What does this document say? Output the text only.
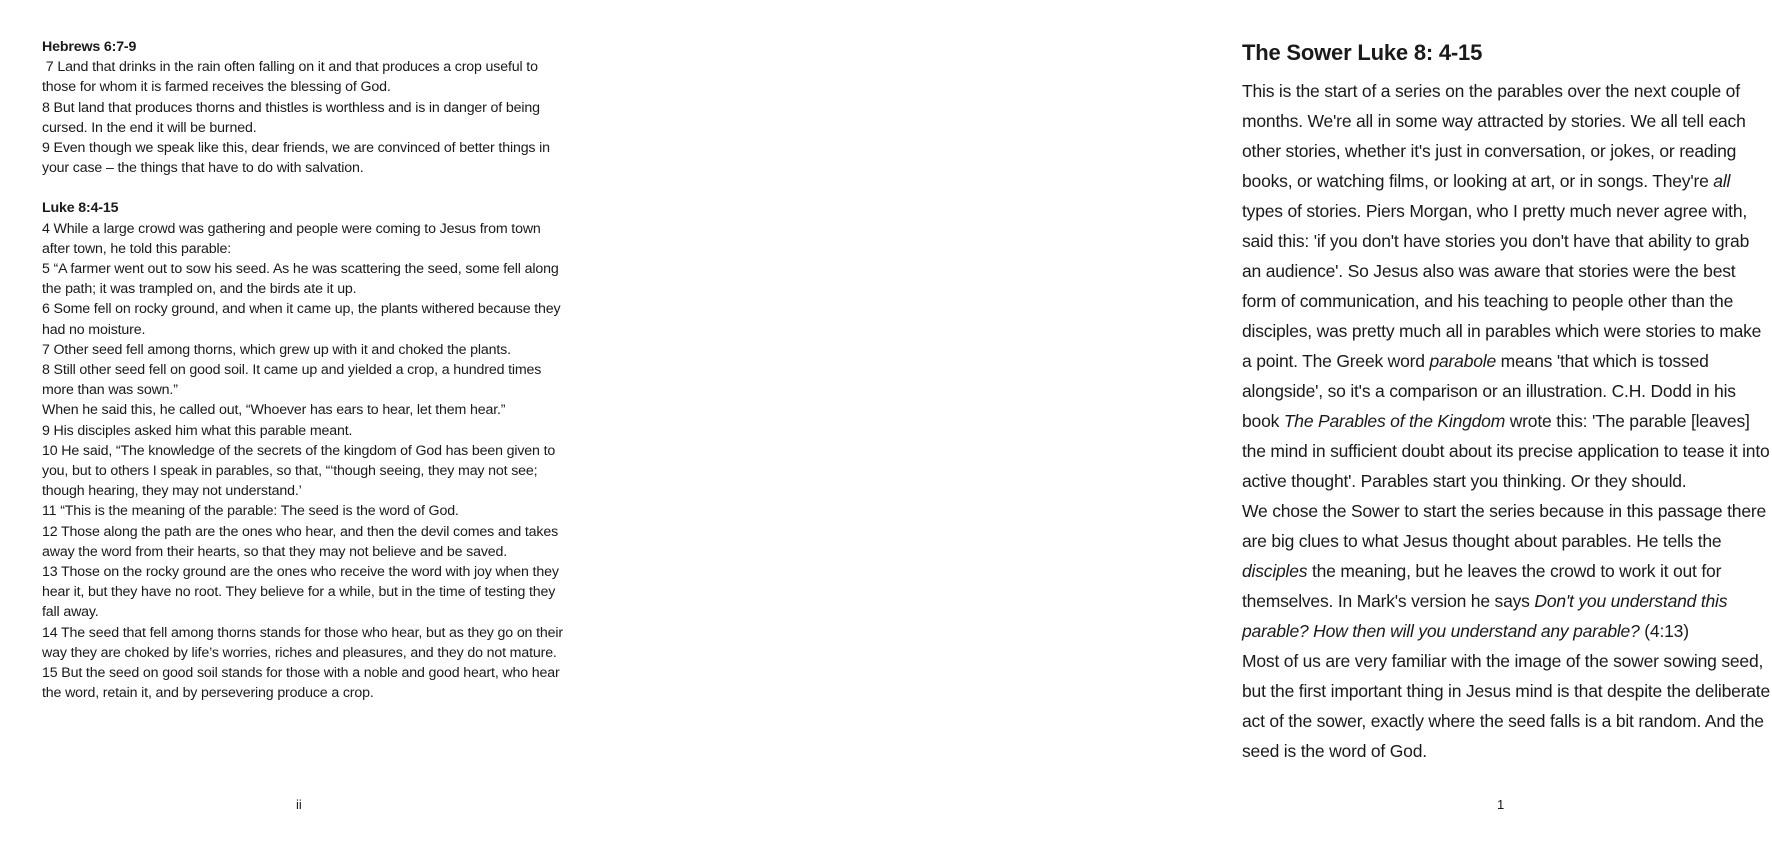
Hebrews 6:7-9

7 Land that drinks in the rain often falling on it and that produces a crop useful to those for whom it is farmed receives the blessing of God.

8 But land that produces thorns and thistles is worthless and is in danger of being cursed. In the end it will be burned.

9 Even though we speak like this, dear friends, we are convinced of better things in your case – the things that have to do with salvation.

Luke 8:4-15

4 While a large crowd was gathering and people were coming to Jesus from town after town, he told this parable:

5 “A farmer went out to sow his seed. As he was scattering the seed, some fell along the path; it was trampled on, and the birds ate it up.

6 Some fell on rocky ground, and when it came up, the plants withered because they had no moisture.

7 Other seed fell among thorns, which grew up with it and choked the plants.

8 Still other seed fell on good soil. It came up and yielded a crop, a hundred times more than was sown.”

When he said this, he called out, “Whoever has ears to hear, let them hear.”

9 His disciples asked him what this parable meant.

10 He said, “The knowledge of the secrets of the kingdom of God has been given to you, but to others I speak in parables, so that, “‘though seeing, they may not see; though hearing, they may not understand.’

11 “This is the meaning of the parable: The seed is the word of God.

12 Those along the path are the ones who hear, and then the devil comes and takes away the word from their hearts, so that they may not believe and be saved.

13 Those on the rocky ground are the ones who receive the word with joy when they hear it, but they have no root. They believe for a while, but in the time of testing they fall away.

14 The seed that fell among thorns stands for those who hear, but as they go on their way they are choked by life’s worries, riches and pleasures, and they do not mature.

15 But the seed on good soil stands for those with a noble and good heart, who hear the word, retain it, and by persevering produce a crop.

ii
The Sower Luke 8: 4-15

This is the start of a series on the parables over the next couple of months. We're all in some way attracted by stories. We all tell each other stories, whether it's just in conversation, or jokes, or reading books, or watching films, or looking at art, or in songs. They're all types of stories. Piers Morgan, who I pretty much never agree with, said this: 'if you don't have stories you don't have that ability to grab an audience'. So Jesus also was aware that stories were the best form of communication, and his teaching to people other than the disciples, was pretty much all in parables which were stories to make a point. The Greek word parabole means 'that which is tossed alongside', so it's a comparison or an illustration. C.H. Dodd in his book The Parables of the Kingdom wrote this: 'The parable [leaves] the mind in sufficient doubt about its precise application to tease it into active thought'. Parables start you thinking. Or they should.

We chose the Sower to start the series because in this passage there are big clues to what Jesus thought about parables. He tells the disciples the meaning, but he leaves the crowd to work it out for themselves. In Mark's version he says Don't you understand this parable? How then will you understand any parable? (4:13)

Most of us are very familiar with the image of the sower sowing seed, but the first important thing in Jesus mind is that despite the deliberate act of the sower, exactly where the seed falls is a bit random. And the seed is the word of God.

1
